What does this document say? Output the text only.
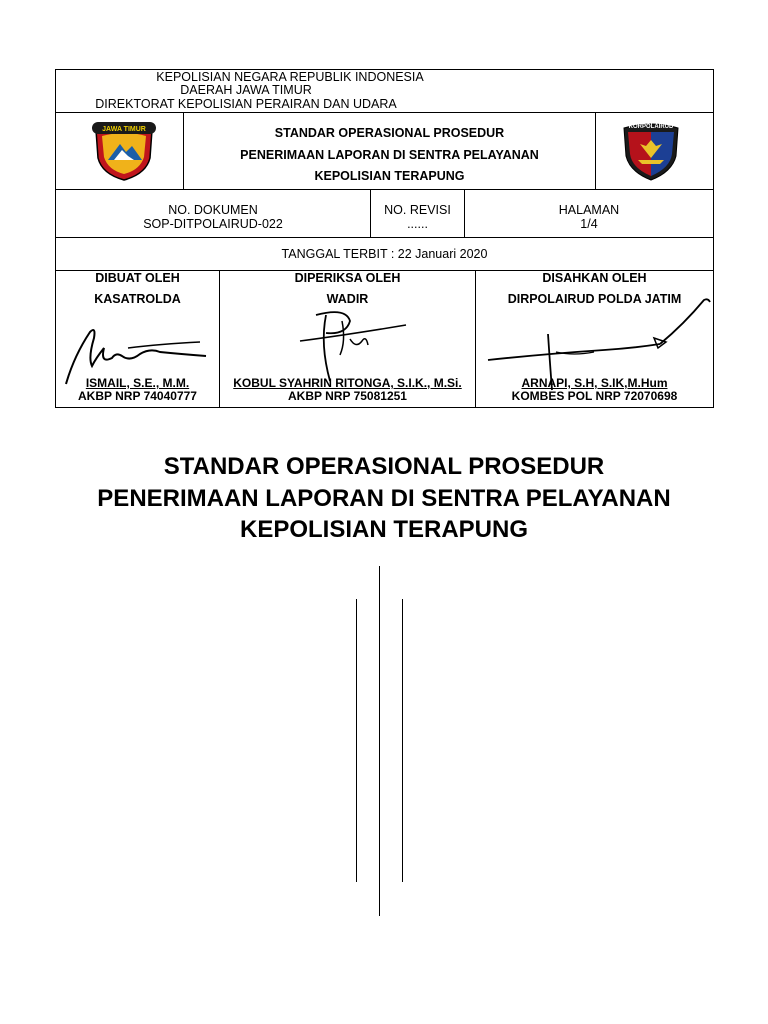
KEPOLISIAN NEGARA REPUBLIK INDONESIA
DAERAH JAWA TIMUR
DIREKTORAT KEPOLISIAN PERAIRAN DAN UDARA
JAWA TIMUR	STANDAR OPERASIONAL PROSEDUR
PENERIMAAN LAPORAN DI SENTRA PELAYANAN
KEPOLISIAN TERAPUNG
KORPOLAIRUD
NO. DOKUMEN
SOP-DITPOLAIRUD-022
NO. REVISI
......
HALAMAN
1/4
TANGGAL TERBIT : 22 Januari 2020
DIBUAT OLEH
KASATROLDA
ISMAIL, S.E., M.M.
AKBP NRP 74040777
DIPERIKSA OLEH
WADIR
KOBUL SYAHRIN RITONGA, S.I.K., M.Si.
AKBP NRP 75081251
DISAHKAN OLEH
DIRPOLAIRUD POLDA JATIM
ARNAPI, S.H, S.IK,M.Hum
KOMBES POL NRP 72070698
STANDAR OPERASIONAL PROSEDUR
PENERIMAAN LAPORAN DI SENTRA PELAYANAN
KEPOLISIAN TERAPUNG
